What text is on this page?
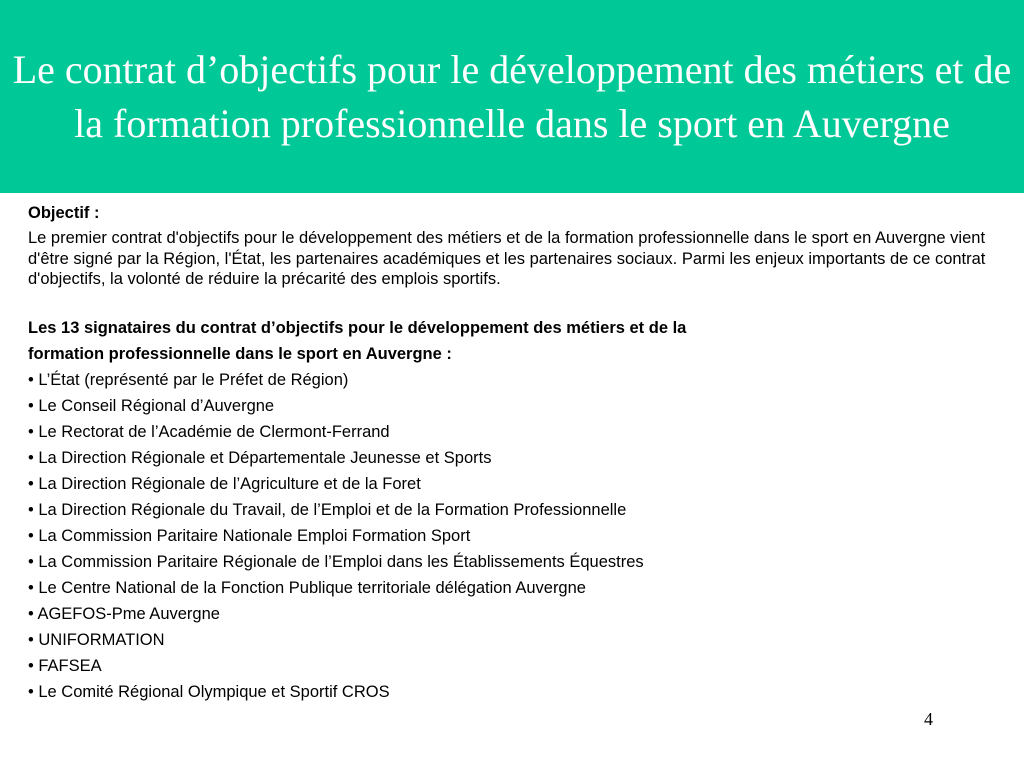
Le contrat d’objectifs pour le développement des métiers et de la formation professionnelle dans le sport en Auvergne
Objectif :

Le premier contrat d'objectifs pour le développement des métiers et de la formation professionnelle dans le sport en Auvergne vient d'être signé par la Région, l'État, les partenaires académiques et les partenaires sociaux. Parmi les enjeux importants de ce contrat d'objectifs, la volonté de réduire la précarité des emplois sportifs.

Les 13 signataires du contrat d’objectifs pour le développement des métiers et de la
formation professionnelle dans le sport en Auvergne :
• L’État (représenté par le Préfet de Région)
• Le Conseil Régional d’Auvergne
• Le Rectorat de l’Académie de Clermont-Ferrand
• La Direction Régionale et Départementale Jeunesse et Sports
• La Direction Régionale de l’Agriculture et de la Foret
• La Direction Régionale du Travail, de l’Emploi et de la Formation Professionnelle
• La Commission Paritaire Nationale Emploi Formation Sport
• La Commission Paritaire Régionale de l’Emploi dans les Établissements Équestres
• Le Centre National de la Fonction Publique territoriale délégation Auvergne
• AGEFOS-Pme Auvergne
• UNIFORMATION
• FAFSEA
• Le Comité Régional Olympique et Sportif CROS
4
